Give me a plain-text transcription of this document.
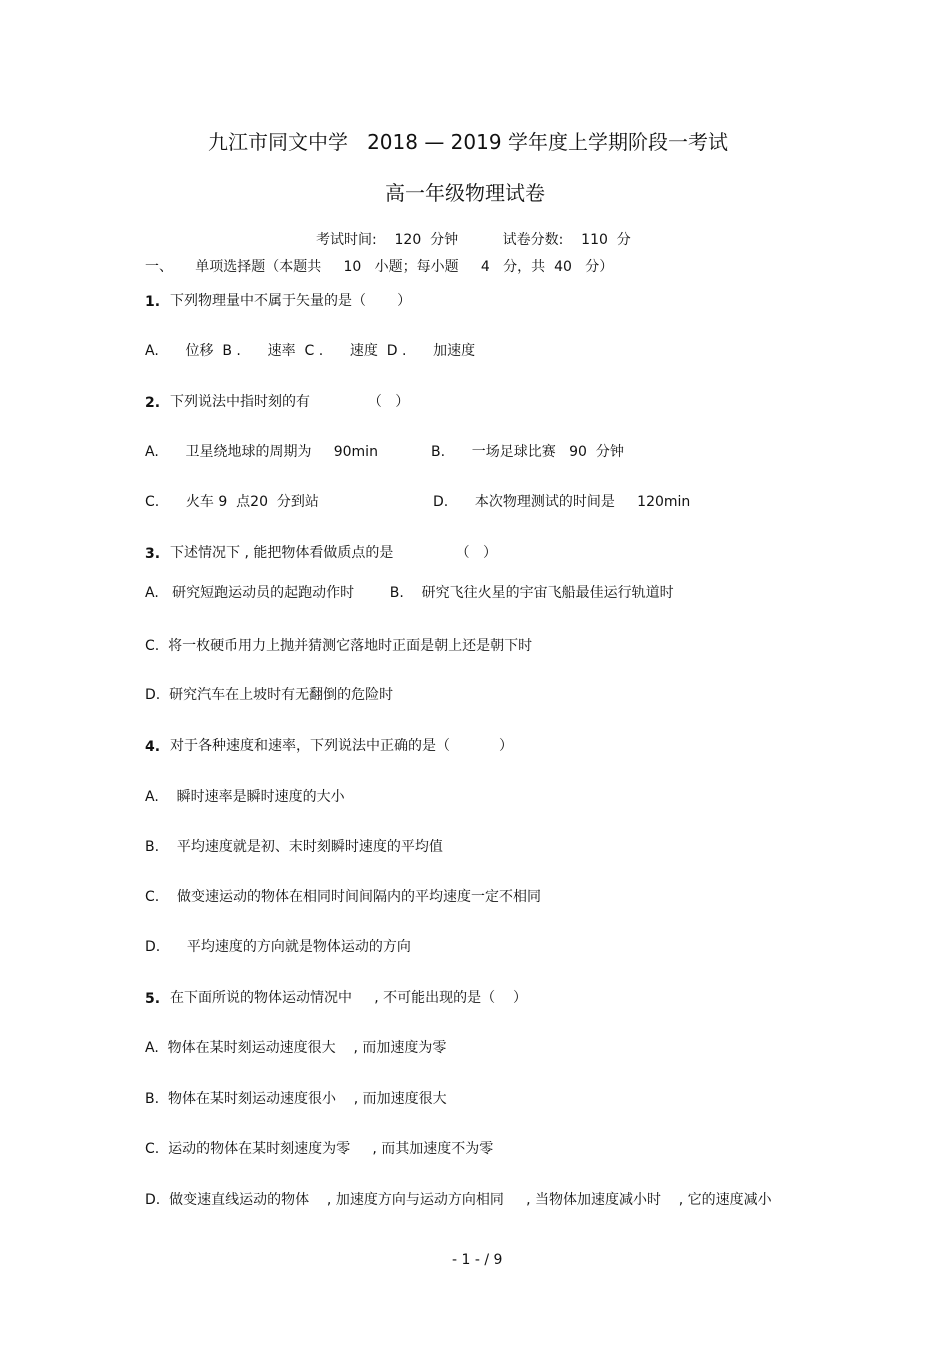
九江市同文中学   2018 — 2019 学年度上学期阶段一考试
高一年级物理试卷
考试时间:    120  分钟          试卷分数:    110  分
一、     单项选择题（本题共     10   小题；每小题     4   分，共  40   分）
1. 下列物理量中不属于矢量的是（       ）
A.      位移  B .      速率  C .      速度  D .      加速度
2. 下列说法中指时刻的有             （   ）
A.      卫星绕地球的周期为     90min	B.      一场足球比赛   90  分钟
C.      火车 9  点20  分到站	D.      本次物理测试的时间是     120min
3. 下述情况下 , 能把物体看做质点的是              （   ）
A.   研究短跑运动员的起跑动作时        B.    研究飞往火星的宇宙飞船最佳运行轨道时
C.  将一枚硬币用力上抛并猜测它落地时正面是朝上还是朝下时
D.  研究汽车在上坡时有无翻倒的危险时
4. 对于各种速度和速率，下列说法中正确的是（           ）
A.    瞬时速率是瞬时速度的大小
B.    平均速度就是初、末时刻瞬时速度的平均值
C.    做变速运动的物体在相同时间间隔内的平均速度一定不相同
D.      平均速度的方向就是物体运动的方向
5. 在下面所说的物体运动情况中     , 不可能出现的是（    ）
A.  物体在某时刻运动速度很大    , 而加速度为零
B.  物体在某时刻运动速度很小    , 而加速度很大
C.  运动的物体在某时刻速度为零     , 而其加速度不为零
D.  做变速直线运动的物体    , 加速度方向与运动方向相同     , 当物体加速度减小时    , 它的速度减小
- 1 - / 9
